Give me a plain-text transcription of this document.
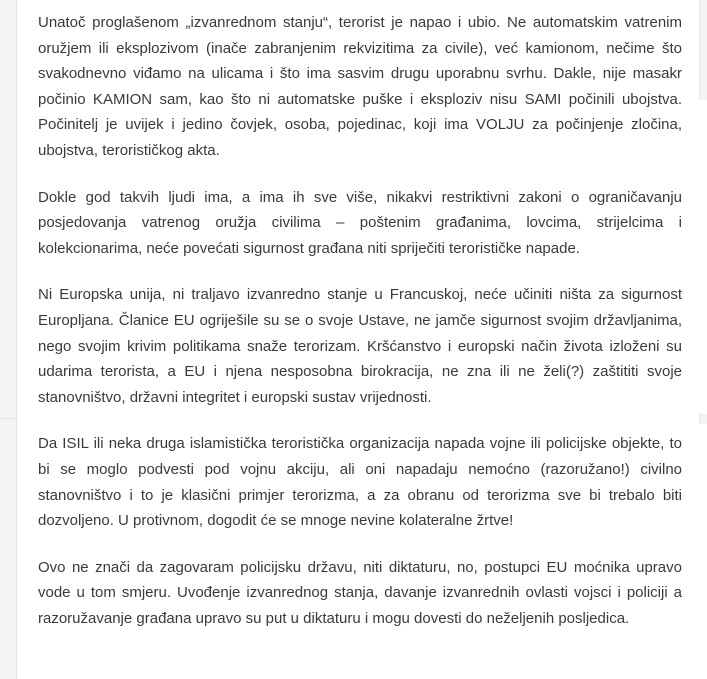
Unatoč proglašenom „izvanrednom stanju“, terorist je napao i ubio. Ne automatskim vatrenim oružjem ili eksplozivom (inače zabranjenim rekvizitima za civile), već kamionom, nečime što svakodnevno viđamo na ulicama i što ima sasvim drugu uporabnu svrhu. Dakle, nije masakr počinio KAMION sam, kao što ni automatske puške i eksploziv nisu SAMI počinili ubojstva. Počinitelj je uvijek i jedino čovjek, osoba, pojedinac, koji ima VOLJU za počinjenje zločina, ubojstva, terorističkog akta.

Dokle god takvih ljudi ima, a ima ih sve više, nikakvi restriktivni zakoni o ograničavanju posjedovanja vatrenog oružja civilima – poštenim građanima, lovcima, strijelcima i kolekcionarima, neće povećati sigurnost građana niti spriječiti terorističke napade.

Ni Europska unija, ni traljavo izvanredno stanje u Francuskoj, neće učiniti ništa za sigurnost Europljana. Članice EU ogriješile su se o svoje Ustave, ne jamče sigurnost svojim državljanima, nego svojim krivim politikama snaže terorizam. Kršćanstvo i europski način života izloženi su udarima terorista, a EU i njena nesposobna birokracija, ne zna ili ne želi(?) zaštititi svoje stanovništvo, državni integritet i europski sustav vrijednosti.

Da ISIL ili neka druga islamistička teroristička organizacija napada vojne ili policijske objekte, to bi se moglo podvesti pod vojnu akciju, ali oni napadaju nemoćno (razoružano!) civilno stanovništvo i to je klasični primjer terorizma, a za obranu od terorizma sve bi trebalo biti dozvoljeno. U protivnom, dogodit će se mnoge nevine kolateralne žrtve!

Ovo ne znači da zagovaram policijsku državu, niti diktaturu, no, postupci EU moćnika upravo vode u tom smjeru. Uvođenje izvanrednog stanja, davanje izvanrednih ovlasti vojsci i policiji a razoružavanje građana upravo su put u diktaturu i mogu dovesti do neželjenih posljedica.
